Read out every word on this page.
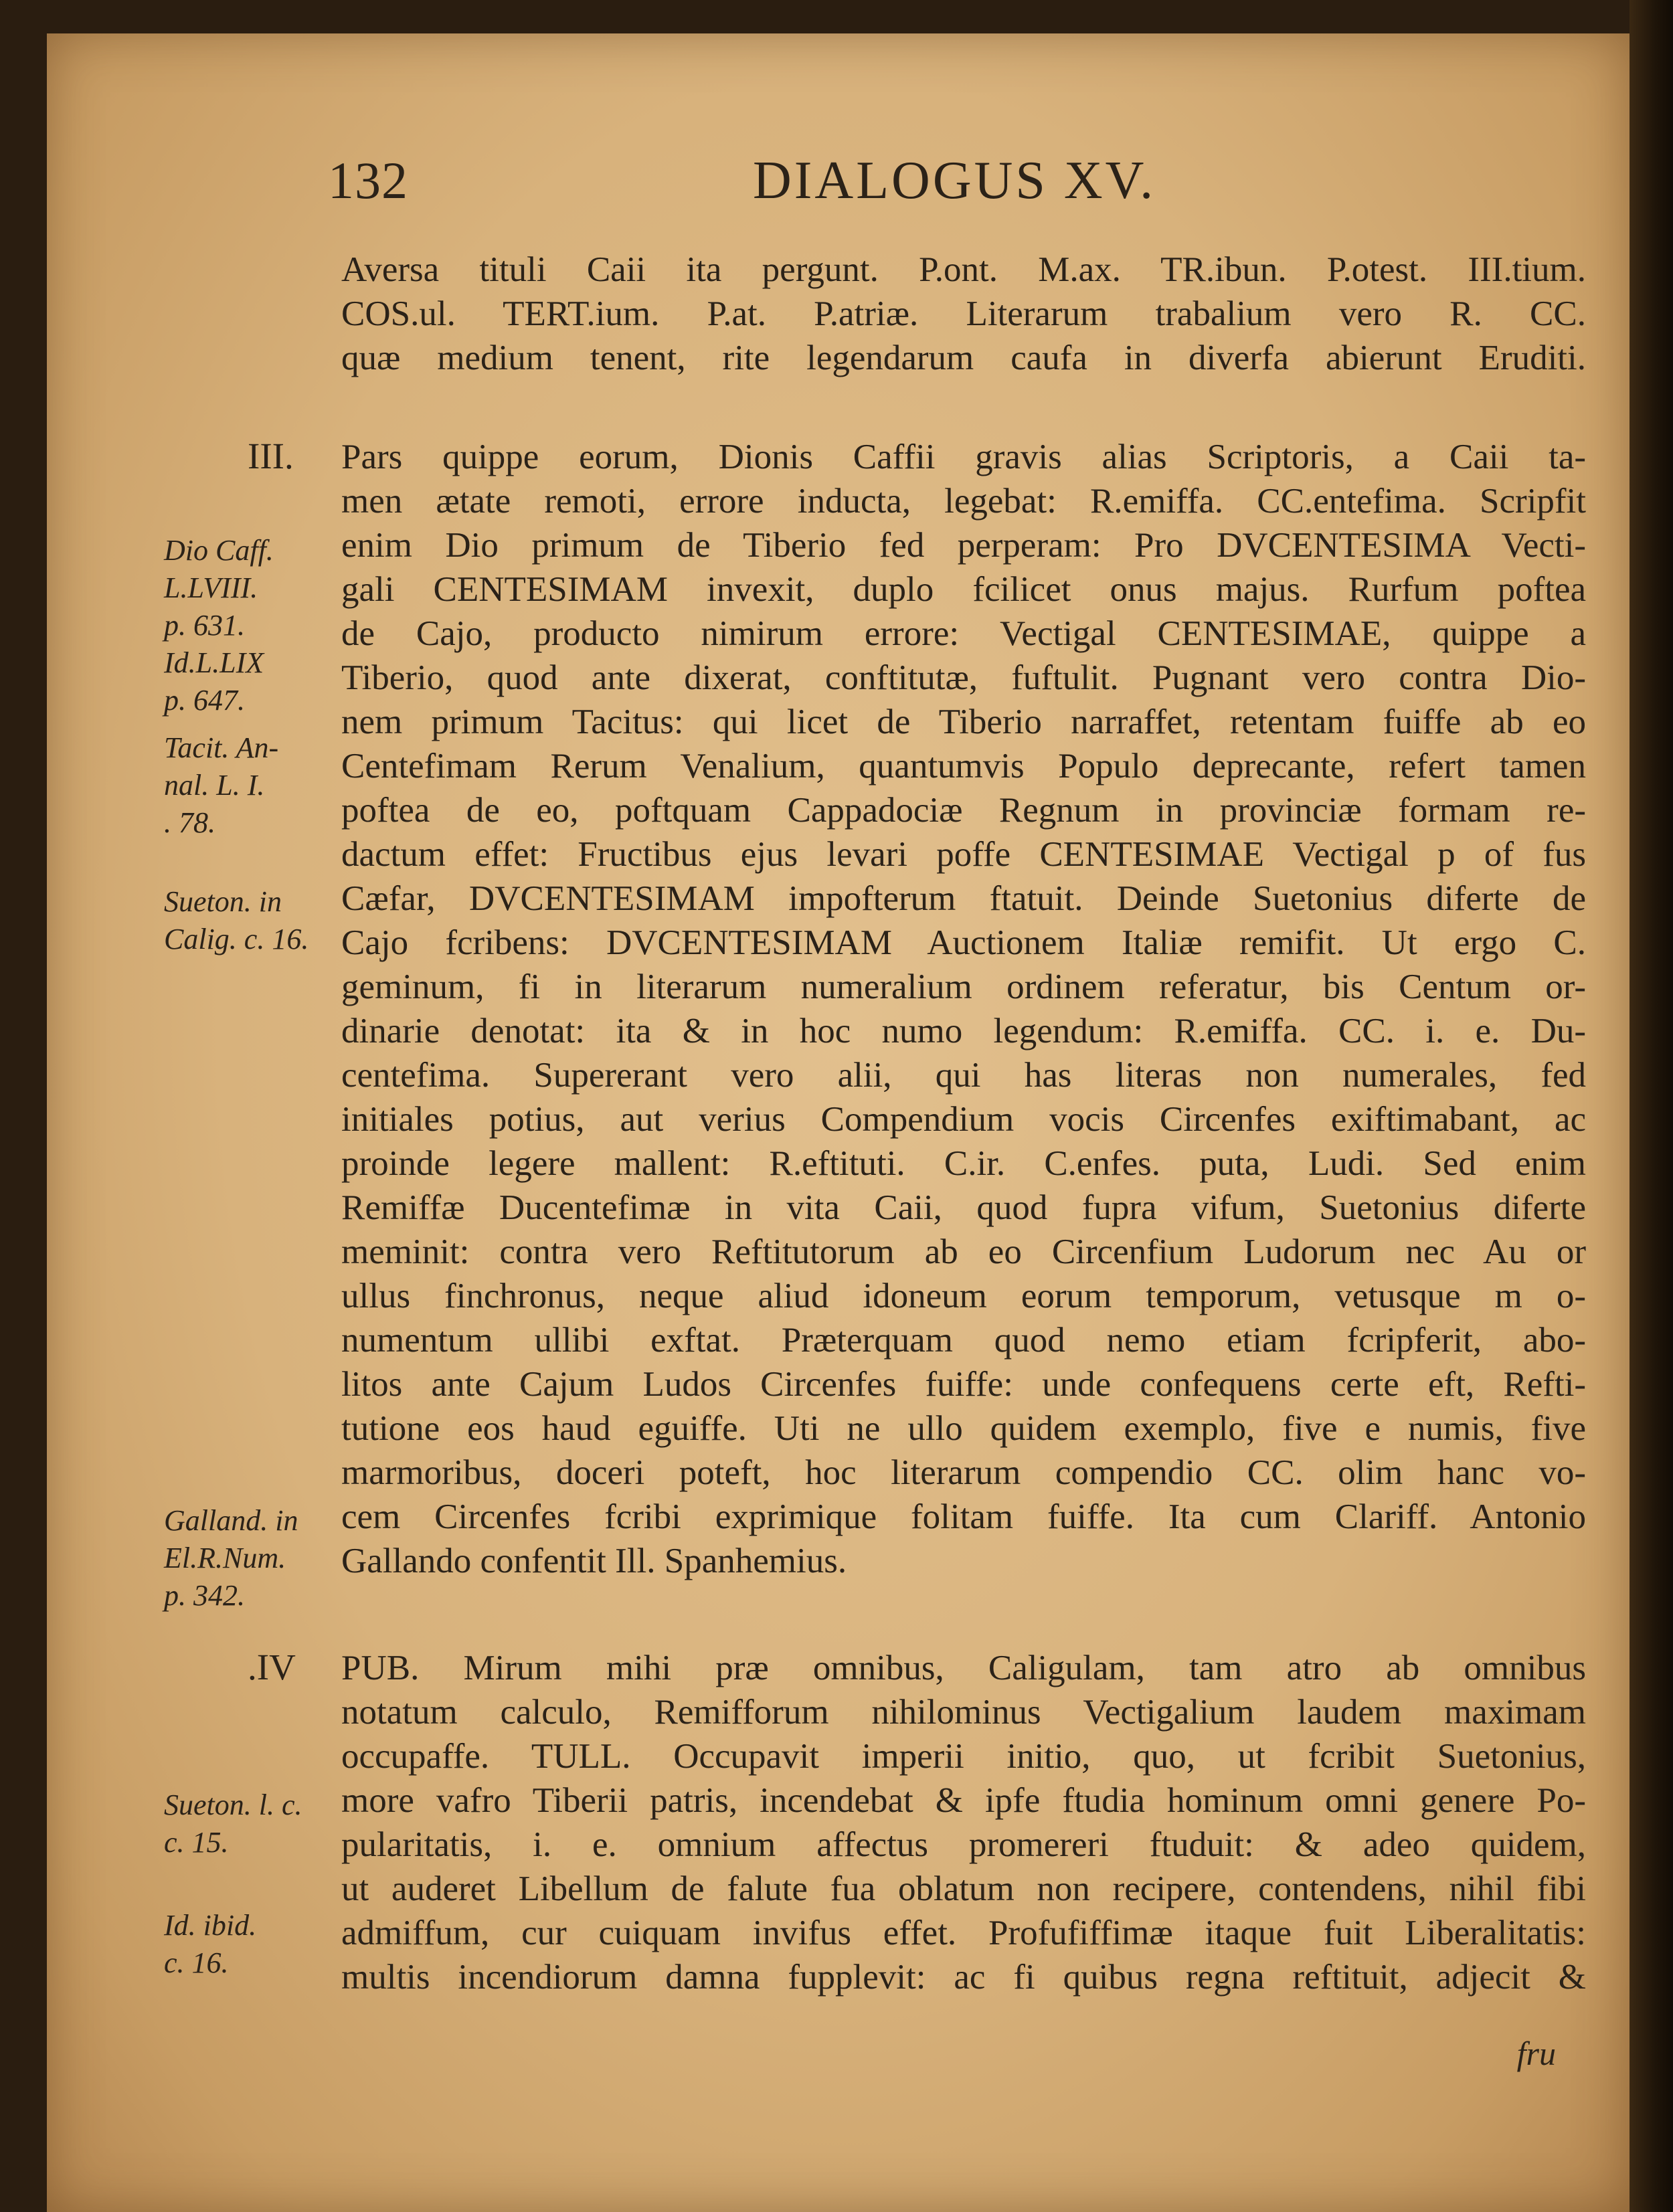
132	DIALOGUS XV.
Aversa tituli Caii ita pergunt. P.ont. M.ax. TR.ibun. P.otest. III.tium.
COS.ul. TERT.ium. P.at. P.atriæ. Literarum trabalium vero R. CC.
quæ medium tenent, rite legendarum caufa in diverfa abierunt Eruditi.
III. Pars quippe eorum, Dionis Caffii gravis alias Scriptoris, a Caii ta-
men ætate remoti, errore inducta, legebat: R.emiffa. CC.entefima. Scripfit
enim Dio primum de Tiberio fed perperam: Pro DVCENTESIMA Vecti-
gali CENTESIMAM invexit, duplo fcilicet onus majus. Rurfum poftea
de Cajo, producto nimirum errore: Vectigal CENTESIMAE, quippe a
Tiberio, quod ante dixerat, conftitutæ, fuftulit. Pugnant vero contra Dio-
nem primum Tacitus: qui licet de Tiberio narraffet, retentam fuiffe ab eo
Centefimam Rerum Venalium, quantumvis Populo deprecante, refert tamen
poftea de eo, poftquam Cappadociæ Regnum in provinciæ formam re-
dactum effet: Fructibus ejus levari poffe CENTESIMAE Vectigal p of fus
Cæfar, DVCENTESIMAM impofterum ftatuit. Deinde Suetonius diferte de
Cajo fcribens: DVCENTESIMAM Auctionem Italiæ remifit. Ut ergo C.
geminum, fi in literarum numeralium ordinem referatur, bis Centum or-
dinarie denotat: ita & in hoc numo legendum: R.emiffa. CC. i. e. Du-
centefima. Supererant vero alii, qui has literas non numerales, fed
initiales potius, aut verius Compendium vocis Circenfes exiftimabant, ac
proinde legere mallent: R.eftituti. C.ir. C.enfes. puta, Ludi. Sed enim
Remiffæ Ducentefimæ in vita Caii, quod fupra vifum, Suetonius diferte
meminit: contra vero Reftitutorum ab eo Circenfium Ludorum nec Au or
ullus finchronus, neque aliud idoneum eorum temporum, vetusque m o-
numentum ullibi exftat. Præterquam quod nemo etiam fcripferit, abo-
litos ante Cajum Ludos Circenfes fuiffe: unde confequens certe eft, Refti-
tutione eos haud eguiffe. Uti ne ullo quidem exemplo, five e numis, five
marmoribus, doceri poteft, hoc literarum compendio CC. olim hanc vo-
cem Circenfes fcribi exprimique folitam fuiffe. Ita cum Clariff. Antonio
Gallando confentit Ill. Spanhemius.
.IV PUB. Mirum mihi præ omnibus, Caligulam, tam atro ab omnibus
notatum calculo, Remifforum nihilominus Vectigalium laudem maximam
occupaffe. TULL. Occupavit imperii initio, quo, ut fcribit Suetonius,
more vafro Tiberii patris, incendebat & ipfe ftudia hominum omni genere Po-
pularitatis, i. e. omnium affectus promereri ftuduit: & adeo quidem,
ut auderet Libellum de falute fua oblatum non recipere, contendens, nihil fibi
admiffum, cur cuiquam invifus effet. Profufiffimæ itaque fuit Liberalitatis:
multis incendiorum damna fupplevit: ac fi quibus regna reftituit, adjecit &
Dio Caff.
L.LVIII.
p. 631.
Id.L.LIX
p. 647.
Tacit. An-
nal. L. I.
. 78.
Sueton. in
Calig. c. 16.
Galland. in
El.R.Num.
p. 342.
Sueton. l. c.
c. 15.
Id. ibid.
c. 16.
fru
